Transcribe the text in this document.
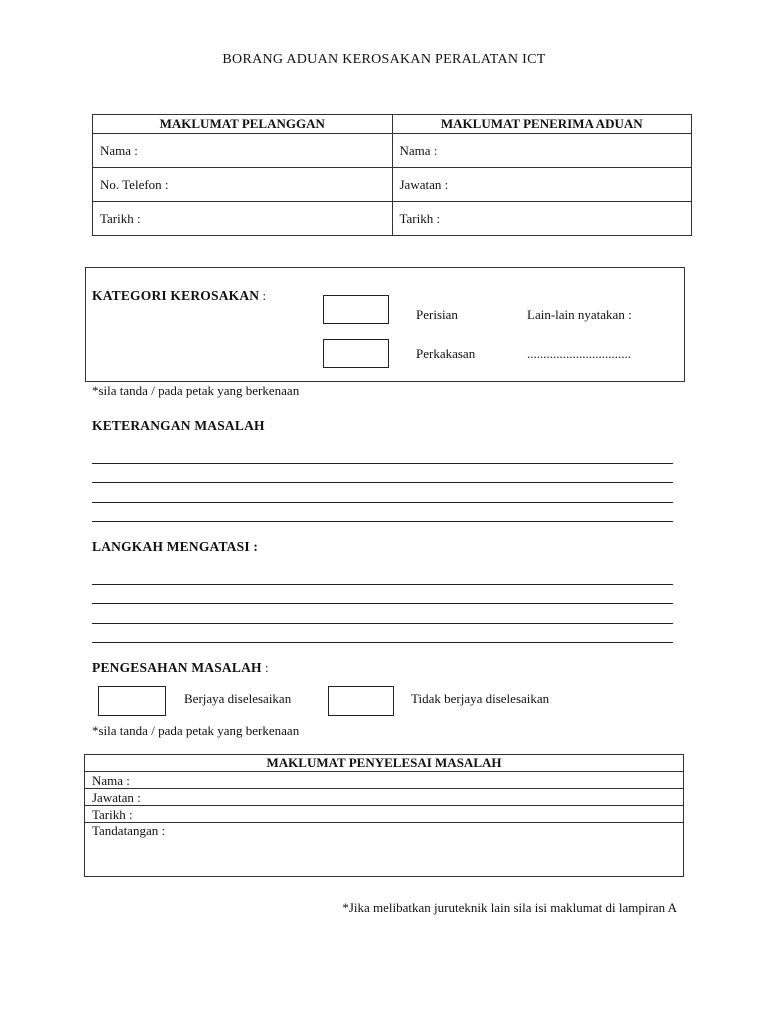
BORANG ADUAN KEROSAKAN PERALATAN ICT
MAKLUMAT PELANGGAN	MAKLUMAT PENERIMA ADUAN
Nama :	Nama :
No. Telefon :	Jawatan :
Tarikh :	Tarikh :
KATEGORI KEROSAKAN :
Perisian	Lain-lain nyatakan :
Perkakasan	................................
*sila tanda / pada petak yang berkenaan
KETERANGAN MASALAH
LANGKAH MENGATASI :
PENGESAHAN MASALAH :
Berjaya diselesaikan	Tidak berjaya diselesaikan
*sila tanda / pada petak yang berkenaan
MAKLUMAT PENYELESAI MASALAH
Nama :
Jawatan :
Tarikh :
Tandatangan :
*Jika melibatkan juruteknik lain sila isi maklumat di lampiran A
